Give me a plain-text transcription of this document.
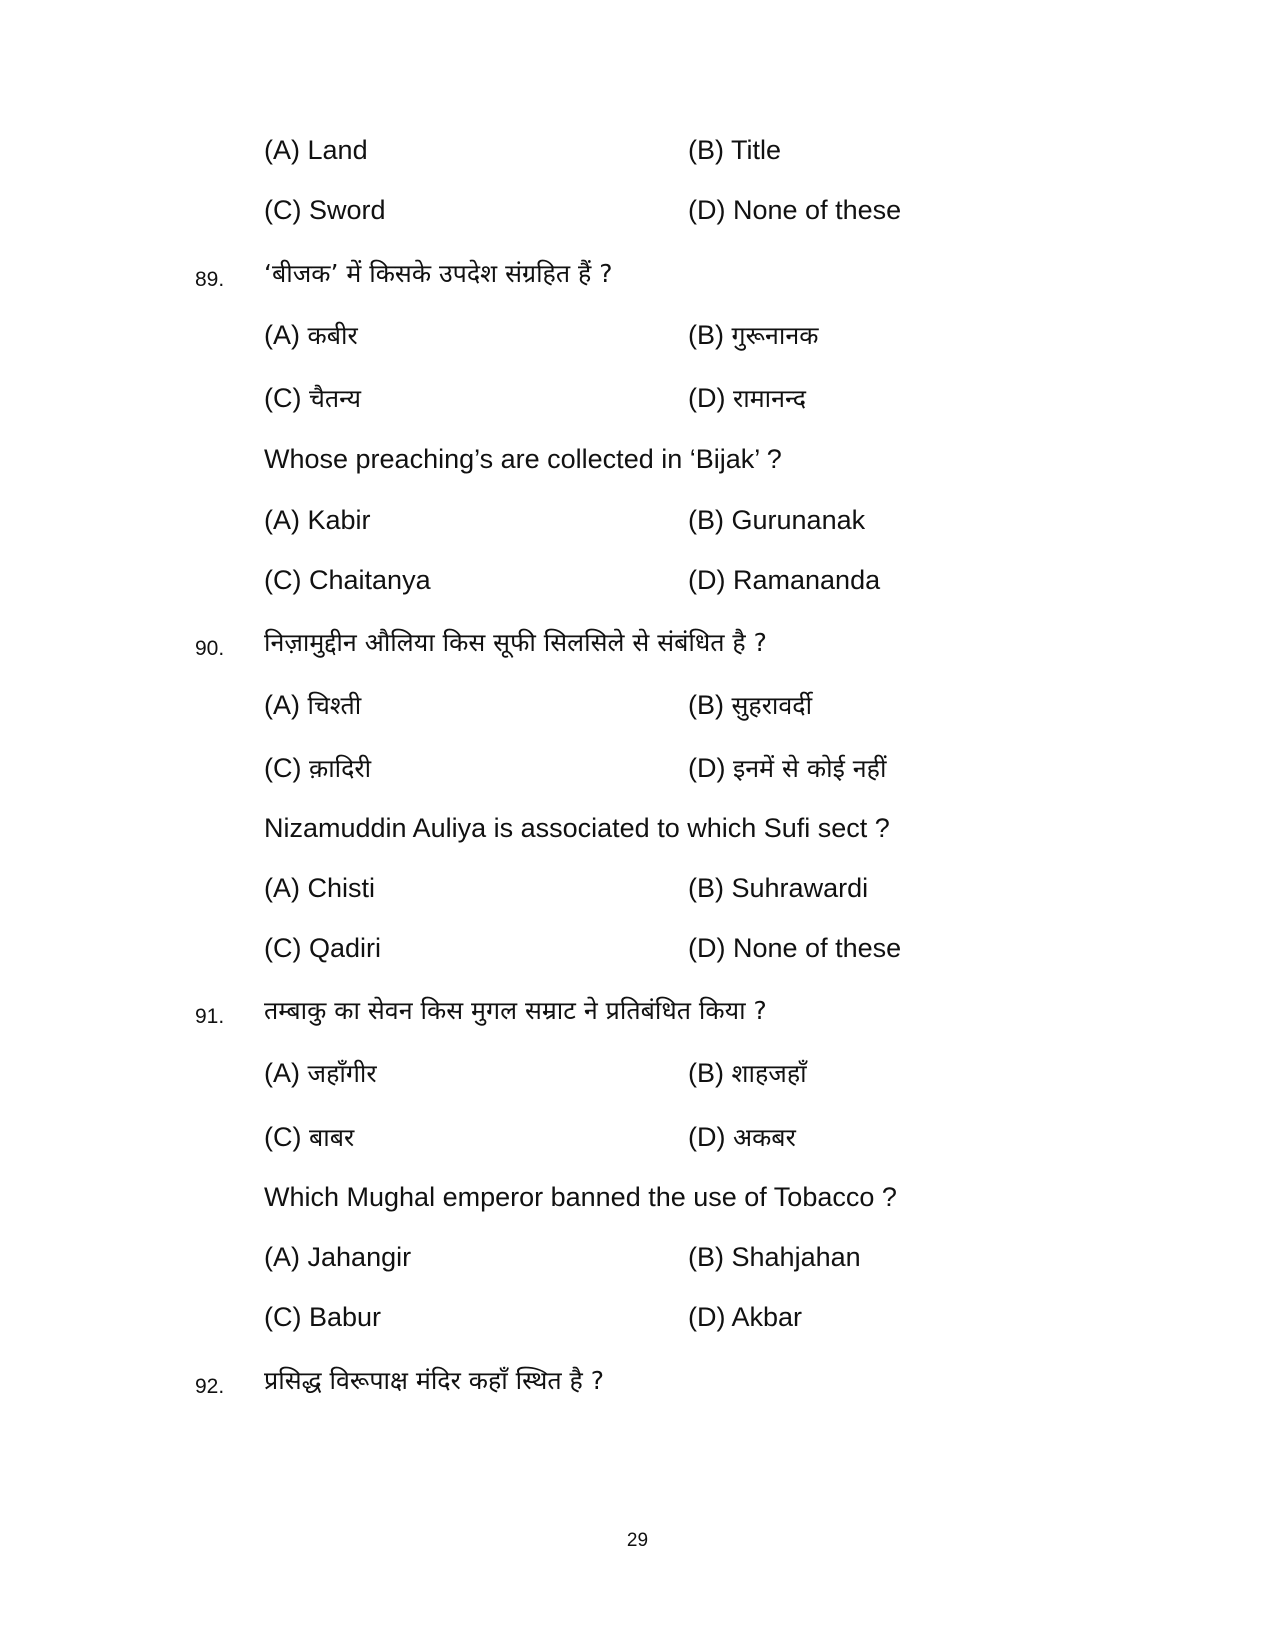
(A) Land	(B) Title
(C) Sword	(D) None of these
89. ‘बीजक’ में किसके उपदेश संग्रहित हैं ?
(A) कबीर	(B) गुरूनानक
(C) चैतन्य	(D) रामानन्द
Whose preaching’s are collected in ‘Bijak’ ?
(A) Kabir	(B) Gurunanak
(C) Chaitanya	(D) Ramananda
90. निज़ामुद्दीन औलिया किस सूफी सिलसिले से संबंधित है ?
(A) चिश्ती	(B) सुहरावर्दी
(C) क़ादिरी	(D) इनमें से कोई नहीं
Nizamuddin Auliya is associated to which Sufi sect ?
(A) Chisti	(B) Suhrawardi
(C) Qadiri	(D) None of these
91. तम्बाकु का सेवन किस मुगल सम्राट ने प्रतिबंधित किया ?
(A) जहाँगीर	(B) शाहजहाँ
(C) बाबर	(D) अकबर
Which Mughal emperor banned the use of Tobacco ?
(A) Jahangir	(B) Shahjahan
(C) Babur	(D) Akbar
92. प्रसिद्ध विरूपाक्ष मंदिर कहाँ स्थित है ?
29
